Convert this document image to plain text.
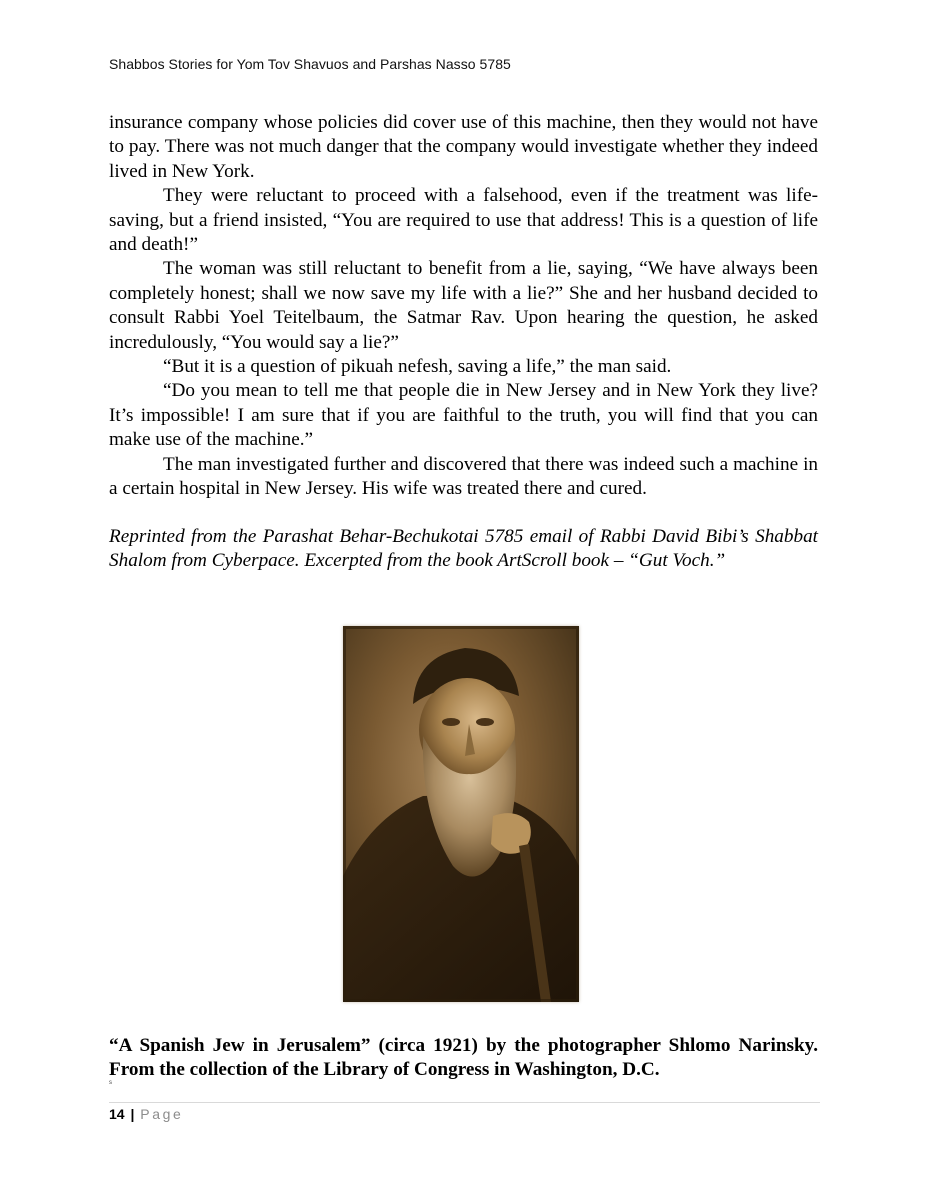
Shabbos Stories for Yom Tov Shavuos and Parshas Nasso 5785

insurance company whose policies did cover use of this machine, then they would not have to pay. There was not much danger that the company would investigate whether they indeed lived in New York.

They were reluctant to proceed with a falsehood, even if the treatment was life-saving, but a friend insisted, “You are required to use that address! This is a question of life and death!”

The woman was still reluctant to benefit from a lie, saying, “We have always been completely honest; shall we now save my life with a lie?” She and her husband decided to consult Rabbi Yoel Teitelbaum, the Satmar Rav. Upon hearing the question, he asked incredulously, “You would say a lie?”

“But it is a question of pikuah nefesh, saving a life,” the man said.

“Do you mean to tell me that people die in New Jersey and in New York they live? It’s impossible! I am sure that if you are faithful to the truth, you will find that you can make use of the machine.”

The man investigated further and discovered that there was indeed such a machine in a certain hospital in New Jersey. His wife was treated there and cured.

Reprinted from the Parashat Behar-Bechukotai 5785 email of Rabbi David Bibi’s Shabbat Shalom from Cyberpace. Excerpted from the book ArtScroll book – “Gut Voch.”
“A Spanish Jew in Jerusalem” (circa 1921) by the photographer Shlomo Narinsky. From the collection of the Library of Congress in Washington, D.C.
s
14 | Page
